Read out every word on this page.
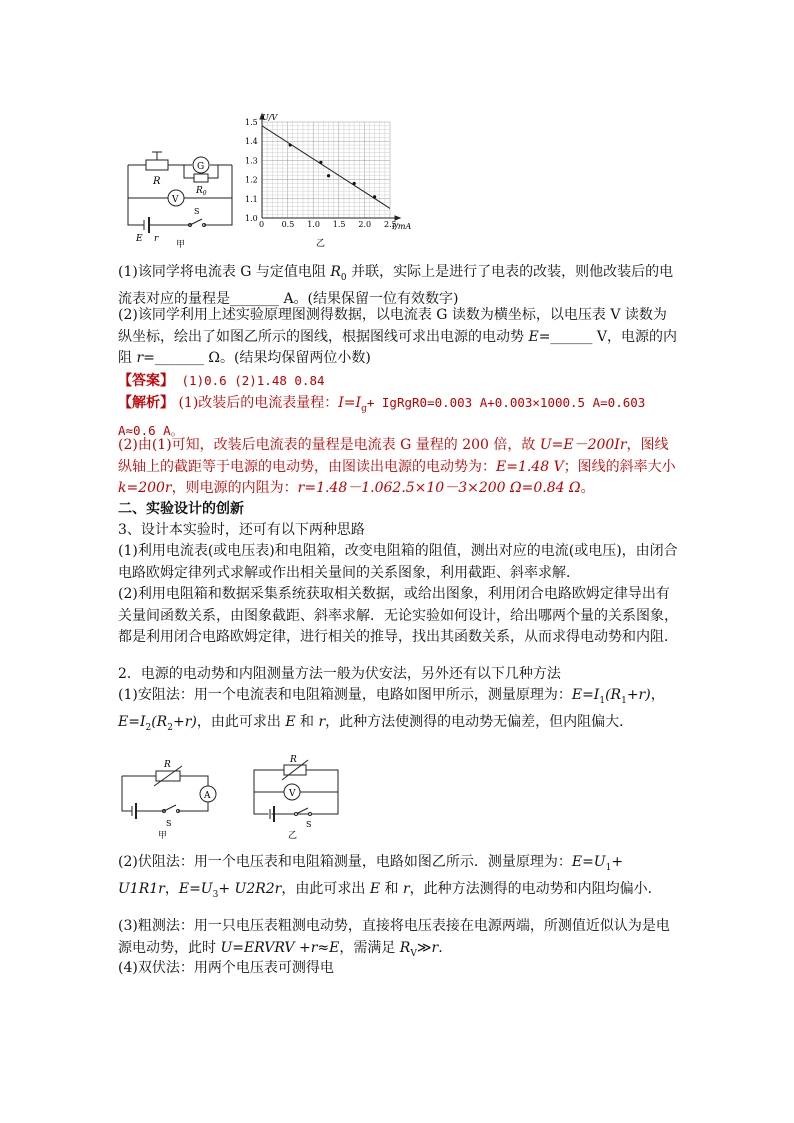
R
G
$R_0$
V
S
E r
甲
0 0.5 1.0 1.5 2.0 2.5
1.0
1.1
1.2
1.3
1.4
1.5
U/V
I/mA
乙
(1)该同学将电流表 G 与定值电阻 $R_0$ 并联，实际上是进行了电表的改装，则他改装后的电流表对应的量程是_______ A。(结果保留一位有效数字)
(2)该同学利用上述实验原理图测得数据，以电流表 G 读数为横坐标，以电压表 V 读数为纵坐标，绘出了如图乙所示的图线，根据图线可求出电源的电动势 E=______ V，电源的内阻 r=_______ Ω。(结果均保留两位小数)
【答案】 (1)0.6 (2)1.48 0.84
【解析】 (1)改装后的电流表量程：$I=I_g+$ IgRgR0=0.003 A+0.003×1000.5 A=0.603 A≈0.6 A。
(2)由(1)可知，改装后电流表的量程是电流表 G 量程的 200 倍，故 U=E－200Ir，图线纵轴上的截距等于电源的电动势，由图读出电源的电动势为：E=1.48 V；图线的斜率大小 k=200r，则电源的内阻为：r=1.48－1.062.5×10－3×200 Ω=0.84 Ω。
二、实验设计的创新
3、设计本实验时，还可有以下两种思路
(1)利用电流表(或电压表)和电阻箱，改变电阻箱的阻值，测出对应的电流(或电压)，由闭合电路欧姆定律列式求解或作出相关量间的关系图象，利用截距、斜率求解．
(2)利用电阻箱和数据采集系统获取相关数据，或给出图象，利用闭合电路欧姆定律导出有关量间函数关系，由图象截距、斜率求解．无论实验如何设计，给出哪两个量的关系图象，都是利用闭合电路欧姆定律，进行相关的推导，找出其函数关系，从而求得电动势和内阻．
2．电源的电动势和内阻测量方法一般为伏安法，另外还有以下几种方法
(1)安阻法：用一个电流表和电阻箱测量，电路如图甲所示，测量原理为：$E=I_1(R_1+r)$，$E=I_2(R_2+r)$，由此可求出 E 和 r，此种方法使测得的电动势无偏差，但内阻偏大．
R
A
S
甲
R
V
S
乙
(2)伏阻法：用一个电压表和电阻箱测量，电路如图乙所示．测量原理为：$E=U_1+ U1R1r$，$E=U_3+ U2R2r$，由此可求出 E 和 r，此种方法测得的电动势和内阻均偏小．
(3)粗测法：用一只电压表粗测电动势，直接将电压表接在电源两端，所测值近似认为是电源电动势，此时 U=ERVRV +r≈E，需满足 $R_V≫r$.
(4)双伏法：用两个电压表可测得电
